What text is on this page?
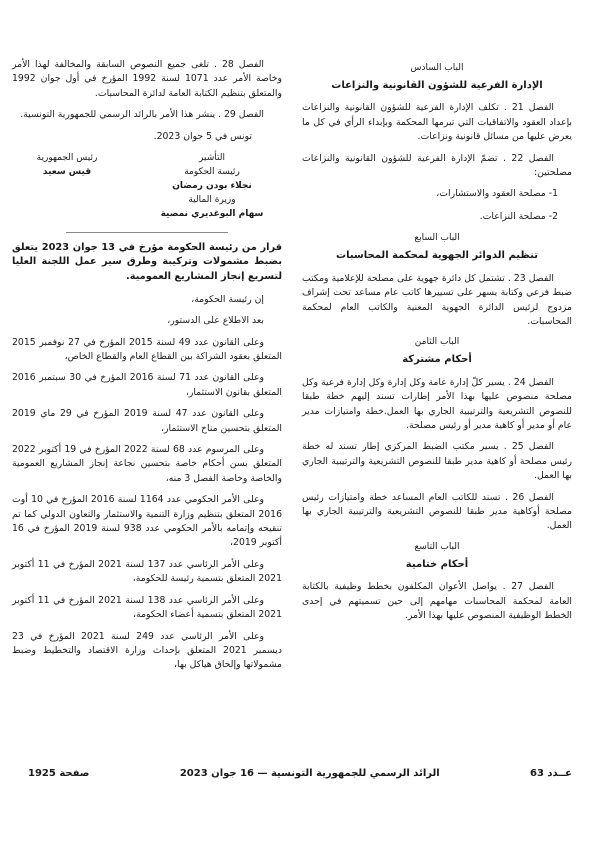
الباب السادس
الإدارة الفرعية للشؤون القانونية والنزاعات

الفصل 21 . تكلف الإدارة الفرعية للشؤون القانونية والنزاعات بإعداد العقود والاتفاقيات التي تبرمها المحكمة وبإبداء الرأي في كل ما يعرض عليها من مسائل قانونية ونزاعات.

الفصل 22 . تضمّ الإدارة الفرعية للشؤون القانونية والنزاعات مصلحتين:

1- مصلحة العقود والاستشارات،

2- مصلحة النزاعات.

الباب السابع
تنظيم الدوائر الجهوية لمحكمة المحاسبات

الفصل 23 . تشتمل كل دائرة جهوية على مصلحة للإعلامية ومكتب ضبط فرعي وكتابة يسهر على تسييرها كاتب عام مساعد تحت إشراف مزدوج لرئيس الدائرة الجهوية المعنية والكاتب العام لمحكمة المحاسبات.

الباب الثامن
أحكام مشتركة

الفصل 24 . يسير كلّ إدارة عامة وكل إدارة وكل إدارة فرعية وكل مصلحة منصوص عليها بهذا الأمر إطارات تسند إليهم خطة طبقا للنصوص التشريعية والترتيبية الجاري بها العمل.خطة وامتيازات مدير عام أو مدير أو كاهية مدير أو رئيس مصلحة.

الفصل 25 . يسير مكتب الضبط المركزي إطار تسند له خطة رئيس مصلحة أو كاهية مدير طبقا للنصوص التشريعية والترتيبية الجاري بها العمل.

الفصل 26 . تسند للكاتب العام المساعد خطة وامتيازات رئيس مصلحة أوكاهية مدير طبقا للنصوص التشريعية والترتيبية الجاري بها العمل.

الباب التاسع
أحكام ختامية

الفصل 27 . يواصل الأعوان المكلفون بخطط وظيفية بالكتابة العامة لمحكمة المحاسبات مهامهم إلى حين تسميتهم في إحدى الخطط الوظيفية المنصوص عليها بهذا الأمر.

الفصل 28 . تلغى جميع النصوص السابقة والمخالفة لهذا الأمر وخاصة الأمر عدد 1071 لسنة 1992 المؤرخ في أول جوان 1992 والمتعلق بتنظيم الكتابة العامة لدائرة المحاسبات.

الفصل 29 . ينشر هذا الأمر بالرائد الرسمي للجمهورية التونسية.

تونس في 5 جوان 2023.
التأشير
رئيسة الحكومة
نجلاء بودن رمضان
وزيرة المالية
سهام البوغديري نمصية
رئيس الجمهورية
قيس سعيد
قرار من رئيسة الحكومة مؤرخ في 13 جوان 2023 يتعلق بضبط مشمولات وتركيبة وطرق سير عمل اللجنة العليا لتسريع إنجاز المشاريع العمومية.

إن رئيسة الحكومة،

بعد الاطلاع على الدستور،

وعلى القانون عدد 49 لسنة 2015 المؤرخ في 27 نوفمبر 2015 المتعلق بعقود الشراكة بين القطاع العام والقطاع الخاص،

وعلى القانون عدد 71 لسنة 2016 المؤرخ في 30 سبتمبر 2016 المتعلق بقانون الاستثمار،

وعلى القانون عدد 47 لسنة 2019 المؤرخ في 29 ماي 2019 المتعلق بتحسين مناخ الاستثمار،

وعلى المرسوم عدد 68 لسنة 2022 المؤرخ في 19 أكتوبر 2022 المتعلق بسن أحكام خاصة بتحسين نجاعة إنجاز المشاريع العمومية والخاصة وخاصة الفصل 3 منه،

وعلى الأمر الحكومي عدد 1164 لسنة 2016 المؤرخ في 10 أوت 2016 المتعلق بتنظيم وزارة التنمية والاستثمار والتعاون الدولي كما تم تنقيحه وإتمامه بالأمر الحكومي عدد 938 لسنة 2019 المؤرخ في 16 أكتوبر 2019،

وعلى الأمر الرئاسي عدد 137 لسنة 2021 المؤرخ في 11 أكتوبر 2021 المتعلق بتسمية رئيسة للحكومة،

وعلى الأمر الرئاسي عدد 138 لسنة 2021 المؤرخ في 11 أكتوبر 2021 المتعلق بتسمية أعضاء الحكومة،

وعلى الأمر الرئاسي عدد 249 لسنة 2021 المؤرخ في 23 ديسمبر 2021 المتعلق بإحداث وزارة الاقتصاد والتخطيط وضبط مشمولاتها وإلحاق هياكل بها،

عــدد 63
الرائد الرسمي للجمهورية التونسية — 16 جوان 2023
صفحة 1925
